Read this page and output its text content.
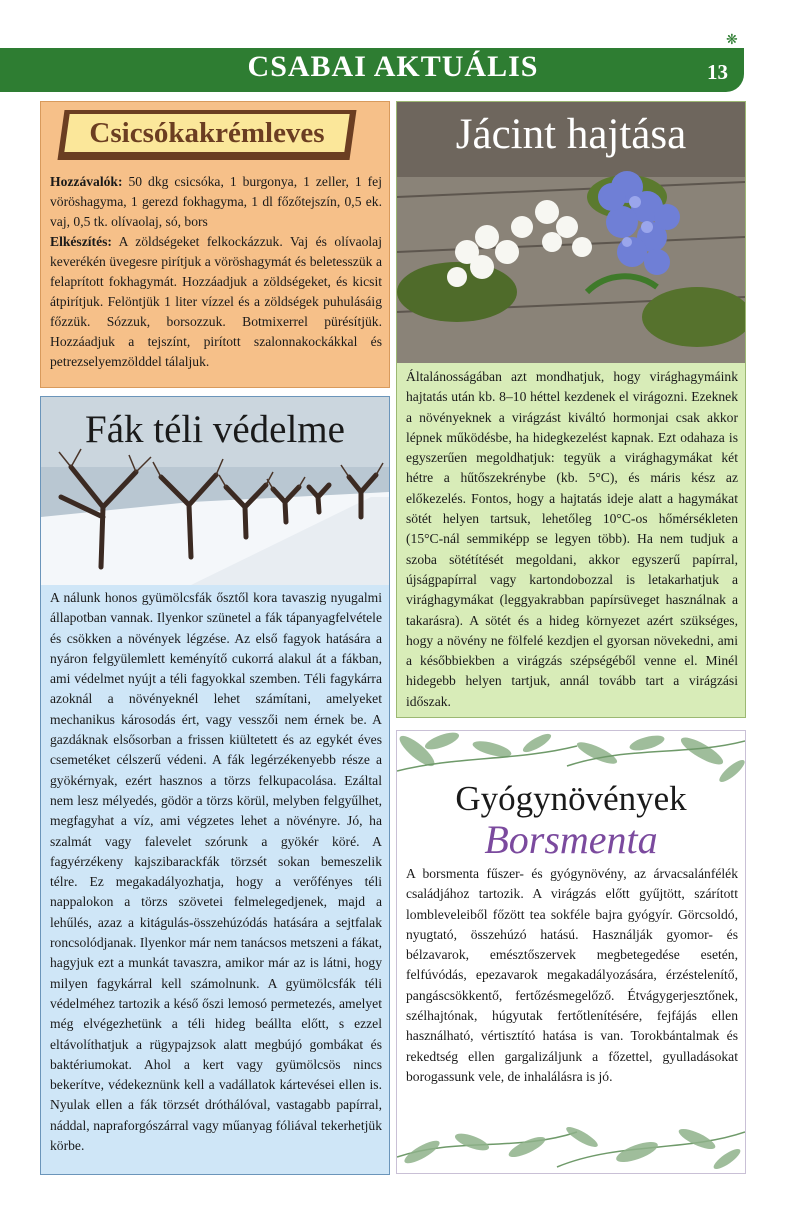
❋
CSABAI AKTUÁLIS	13
Csicsókakrémleves
Hozzávalók: 50 dkg csicsóka, 1 burgonya, 1 zeller, 1 fej vöröshagyma, 1 gerezd fokhagyma, 1 dl főzőtejszín, 0,5 ek. vaj, 0,5 tk. olívaolaj, só, bors
Elkészítés: A zöldségeket felkockázzuk. Vaj és olívaolaj keverékén üvegesre pirítjuk a vöröshagymát és beletesszük a felaprított fokhagymát. Hozzáadjuk a zöldségeket, és kicsit átpirítjuk. Felöntjük 1 liter vízzel és a zöldségek puhulásáig főzzük. Sózzuk, borsozzuk. Botmixerrel pürésítjük. Hozzáadjuk a tejszínt, pirított szalonnakockákkal és petrezselyemzölddel tálaljuk.
Fák téli védelme
A nálunk honos gyümölcsfák ősztől kora tavaszig nyugalmi állapotban vannak. Ilyenkor szünetel a fák tápanyagfelvétele és csökken a növények légzése. Az első fagyok hatására a nyáron felgyülemlett keményítő cukorrá alakul át a fákban, ami védelmet nyújt a téli fagyokkal szemben. Téli fagykárra azoknál a növényeknél lehet számítani, amelyeket mechanikus károsodás ért, vagy vesszői nem érnek be. A gazdáknak elsősorban a frissen kiültetett és az egykét éves csemetéket célszerű védeni. A fák legérzékenyebb része a gyökérnyak, ezért hasznos a törzs felkupacolása. Ezáltal nem lesz mélyedés, gödör a törzs körül, melyben felgyűlhet, megfagyhat a víz, ami végzetes lehet a növényre. Jó, ha szalmát vagy falevelet szórunk a gyökér köré. A fagyérzékeny kajszibarackfák törzsét sokan bemeszelik télre. Ez megakadályozhatja, hogy a verőfényes téli nappalokon a törzs szövetei felmelegedjenek, majd a lehűlés, azaz a kitágulás-összehúzódás hatására a sejtfalak roncsolódjanak. Ilyenkor már nem tanácsos metszeni a fákat, hagyjuk ezt a munkát tavaszra, amikor már az is látni, hogy milyen fagykárral kell számolnunk. A gyümölcsfák téli védelméhez tartozik a késő őszi lemosó permetezés, amelyet még elvégezhetünk a téli hideg beállta előtt, s ezzel eltávolíthatjuk a rügypajzsok alatt megbújó gombákat és baktériumokat. Ahol a kert vagy gyümölcsös nincs bekerítve, védekeznünk kell a vadállatok kártevései ellen is. Nyulak ellen a fák törzsét dróthálóval, vastagabb papírral, náddal, napraforgószárral vagy műanyag fóliával tekerhetjük körbe.
Jácint hajtása
Általánosságában azt mondhatjuk, hogy virághagymáink hajtatás után kb. 8–10 héttel kezdenek el virágozni. Ezeknek a növényeknek a virágzást kiváltó hormonjai csak akkor lépnek működésbe, ha hidegkezelést kapnak. Ezt odahaza is egyszerűen megoldhatjuk: tegyük a virághagymákat két hétre a hűtőszekrénybe (kb. 5°C), és máris kész az előkezelés. Fontos, hogy a hajtatás ideje alatt a hagymákat sötét helyen tartsuk, lehetőleg 10°C-os hőmérsékleten (15°C-nál semmiképp se legyen több). Ha nem tudjuk a szoba sötétítését megoldani, akkor egyszerű papírral, újságpapírral vagy kartondobozzal is letakarhatjuk a virághagymákat (leggyakrabban papírsüveget használnak a takarásra). A sötét és a hideg környezet azért szükséges, hogy a növény ne fölfelé kezdjen el gyorsan növekedni, ami a későbbiekben a virágzás szépségéből venne el. Minél hidegebb helyen tartjuk, annál tovább tart a virágzási időszak.
Gyógynövények
Borsmenta
A borsmenta fűszer- és gyógynövény, az árvacsalánfélék családjához tartozik. A virágzás előtt gyűjtött, szárított lombleveleiből főzött tea sokféle bajra gyógyír. Görcsoldó, nyugtató, összehúzó hatású. Használják gyomor- és bélzavarok, emésztőszervek megbetegedése esetén, felfúvódás, epezavarok megakadályozására, érzéstelenítő, pangáscsökkentő, fertőzésmegelőző. Étvágygerjesztőnek, szélhajtónak, húgyutak fertőtlenítésére, fejfájás ellen használható, vértisztító hatása is van. Torokbántalmak és rekedtség ellen gargalizáljunk a főzettel, gyulladásokat borogassunk vele, de inhalálásra is jó.
